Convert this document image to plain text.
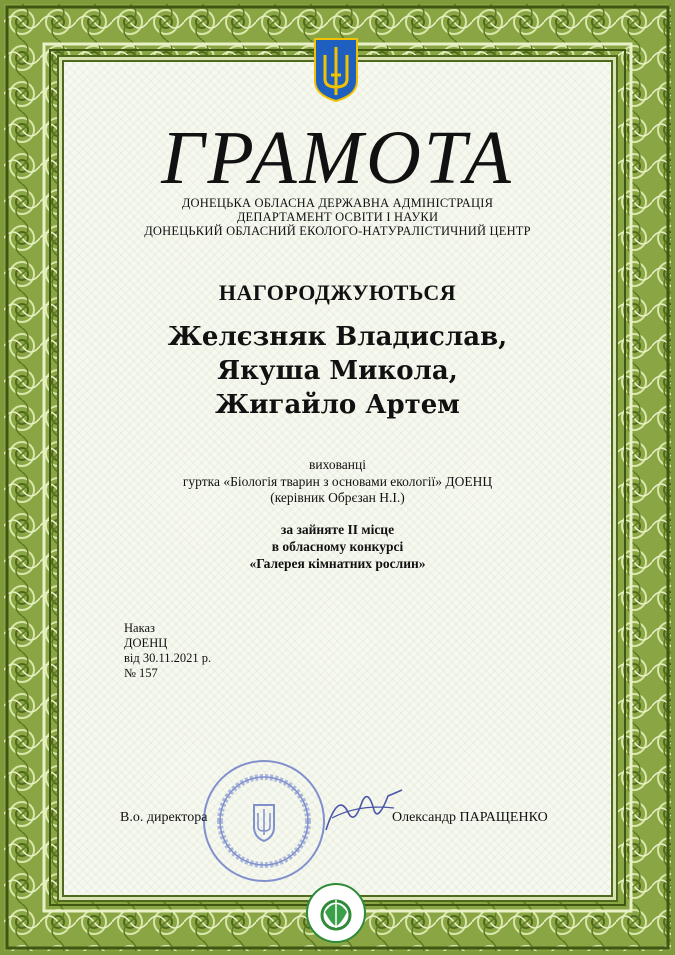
ГРАМОТА
ДОНЕЦЬКА ОБЛАСНА ДЕРЖАВНА АДМІНІСТРАЦІЯ
ДЕПАРТАМЕНТ ОСВІТИ І НАУКИ
ДОНЕЦЬКИЙ ОБЛАСНИЙ ЕКОЛОГО-НАТУРАЛІСТИЧНИЙ ЦЕНТР
НАГОРОДЖУЮТЬСЯ
Желєзняк Владислав,
Якуша Микола,
Жигайло Артем
вихованці
гуртка «Біологія тварин з основами екології» ДОЕНЦ
(керівник Обрєзан Н.І.)
за зайняте II місце
в обласному конкурсі
«Галерея кімнатних рослин»
Наказ
ДОЕНЦ
від 30.11.2021 р.
№ 157
В.о. директора	Олександр ПАРАЩЕНКО
